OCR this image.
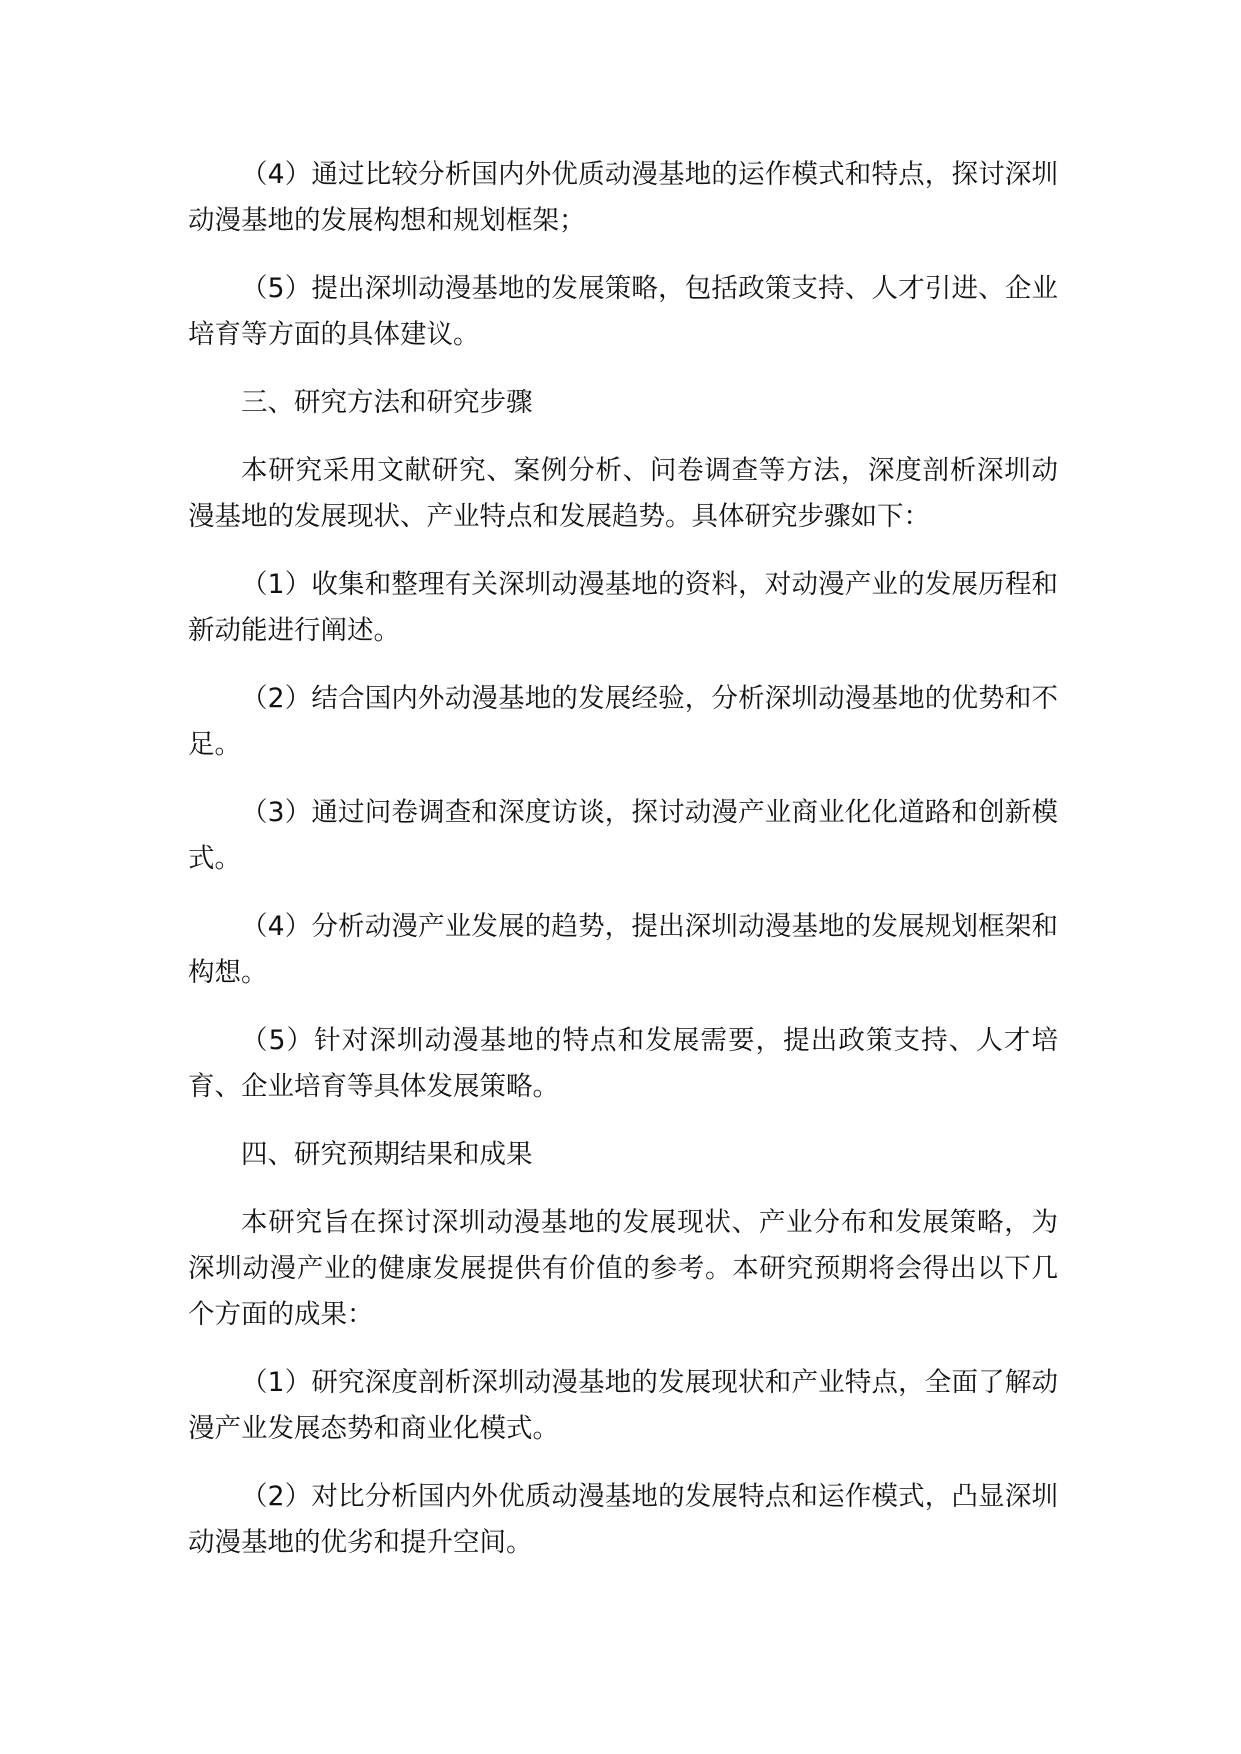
（4）通过比较分析国内外优质动漫基地的运作模式和特点，探讨深圳动漫基地的发展构想和规划框架；

（5）提出深圳动漫基地的发展策略，包括政策支持、人才引进、企业培育等方面的具体建议。

三、研究方法和研究步骤

本研究采用文献研究、案例分析、问卷调查等方法，深度剖析深圳动漫基地的发展现状、产业特点和发展趋势。具体研究步骤如下：

（1）收集和整理有关深圳动漫基地的资料，对动漫产业的发展历程和新动能进行阐述。

（2）结合国内外动漫基地的发展经验，分析深圳动漫基地的优势和不足。

（3）通过问卷调查和深度访谈，探讨动漫产业商业化化道路和创新模式。

（4）分析动漫产业发展的趋势，提出深圳动漫基地的发展规划框架和构想。

（5）针对深圳动漫基地的特点和发展需要，提出政策支持、人才培育、企业培育等具体发展策略。

四、研究预期结果和成果

本研究旨在探讨深圳动漫基地的发展现状、产业分布和发展策略，为深圳动漫产业的健康发展提供有价值的参考。本研究预期将会得出以下几个方面的成果：

（1）研究深度剖析深圳动漫基地的发展现状和产业特点，全面了解动漫产业发展态势和商业化模式。

（2）对比分析国内外优质动漫基地的发展特点和运作模式，凸显深圳动漫基地的优劣和提升空间。
